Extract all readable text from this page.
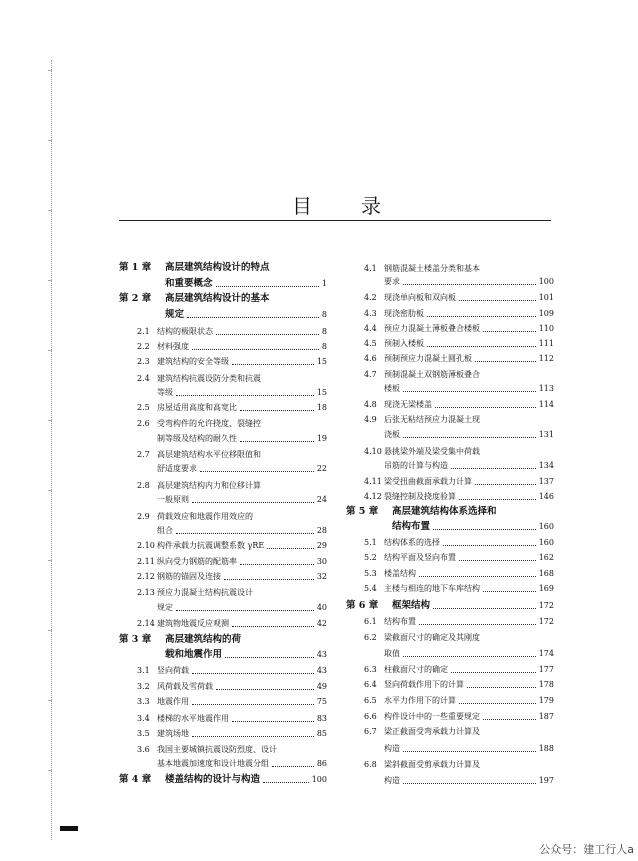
目 录
第 1 章 高层建筑结构设计的特点
和重要概念	1
第 2 章 高层建筑结构设计的基本
规定	8
2.1 结构的极限状态	8
2.2 材料强度	8
2.3 建筑结构的安全等级	15
2.4 建筑结构抗震设防分类和抗震
等级	15
2.5 房屋适用高度和高宽比	18
2.6 受弯构件的允许挠度、裂缝控
制等级及结构的耐久性	19
2.7 高层建筑结构水平位移限值和
舒适度要求	22
2.8 高层建筑结构内力和位移计算
一般原则	24
2.9 荷载效应和地震作用效应的
组合	28
2.10 构件承载力抗震调整系数 γRE	29
2.11 纵向受力钢筋的配筋率	30
2.12 钢筋的锚固及连接	32
2.13 预应力混凝土结构抗震设计
规定	40
2.14 建筑物地震反应观测	42
第 3 章 高层建筑结构的荷
载和地震作用	43
3.1 竖向荷载	43
3.2 风荷载及雪荷载	49
3.3 地震作用	75
3.4 楼梯的水平地震作用	83
3.5 建筑场地	85
3.6 我国主要城镇抗震设防烈度、设计
基本地震加速度和设计地震分组	86
第 4 章 楼盖结构的设计与构造	100
4.1 钢筋混凝土楼盖分类和基本
要求	100
4.2 现浇单向板和双向板	101
4.3 现浇密肋板	109
4.4 预应力混凝土薄板叠合楼板	110
4.5 预制入楼板	111
4.6 预制预应力混凝土圆孔板	112
4.7 预制混凝土双钢筋薄板叠合
楼板	113
4.8 现浇无梁楼盖	114
4.9 后张无粘结预应力混凝土现
浇板	131
4.10 悬挑梁外端及梁受集中荷载
吊筋的计算与构造	134
4.11 梁受扭曲截面承载力计算	137
4.12 裂缝控制及挠度验算	146
第 5 章 高层建筑结构体系选择和
结构布置	160
5.1 结构体系的选择	160
5.2 结构平面及竖向布置	162
5.3 楼盖结构	168
5.4 主楼与相连的地下车库结构	169
第 6 章 框架结构	172
6.1 结构布置	172
6.2 梁截面尺寸的确定及其刚度
取值	174
6.3 柱截面尺寸的确定	177
6.4 竖向荷载作用下的计算	178
6.5 水平力作用下的计算	179
6.6 构件设计中的一些重要规定	187
6.7 梁正截面受弯承载力计算及
构造	188
6.8 梁斜截面受剪承载力计算及
构造	197
公众号：建工行人a
